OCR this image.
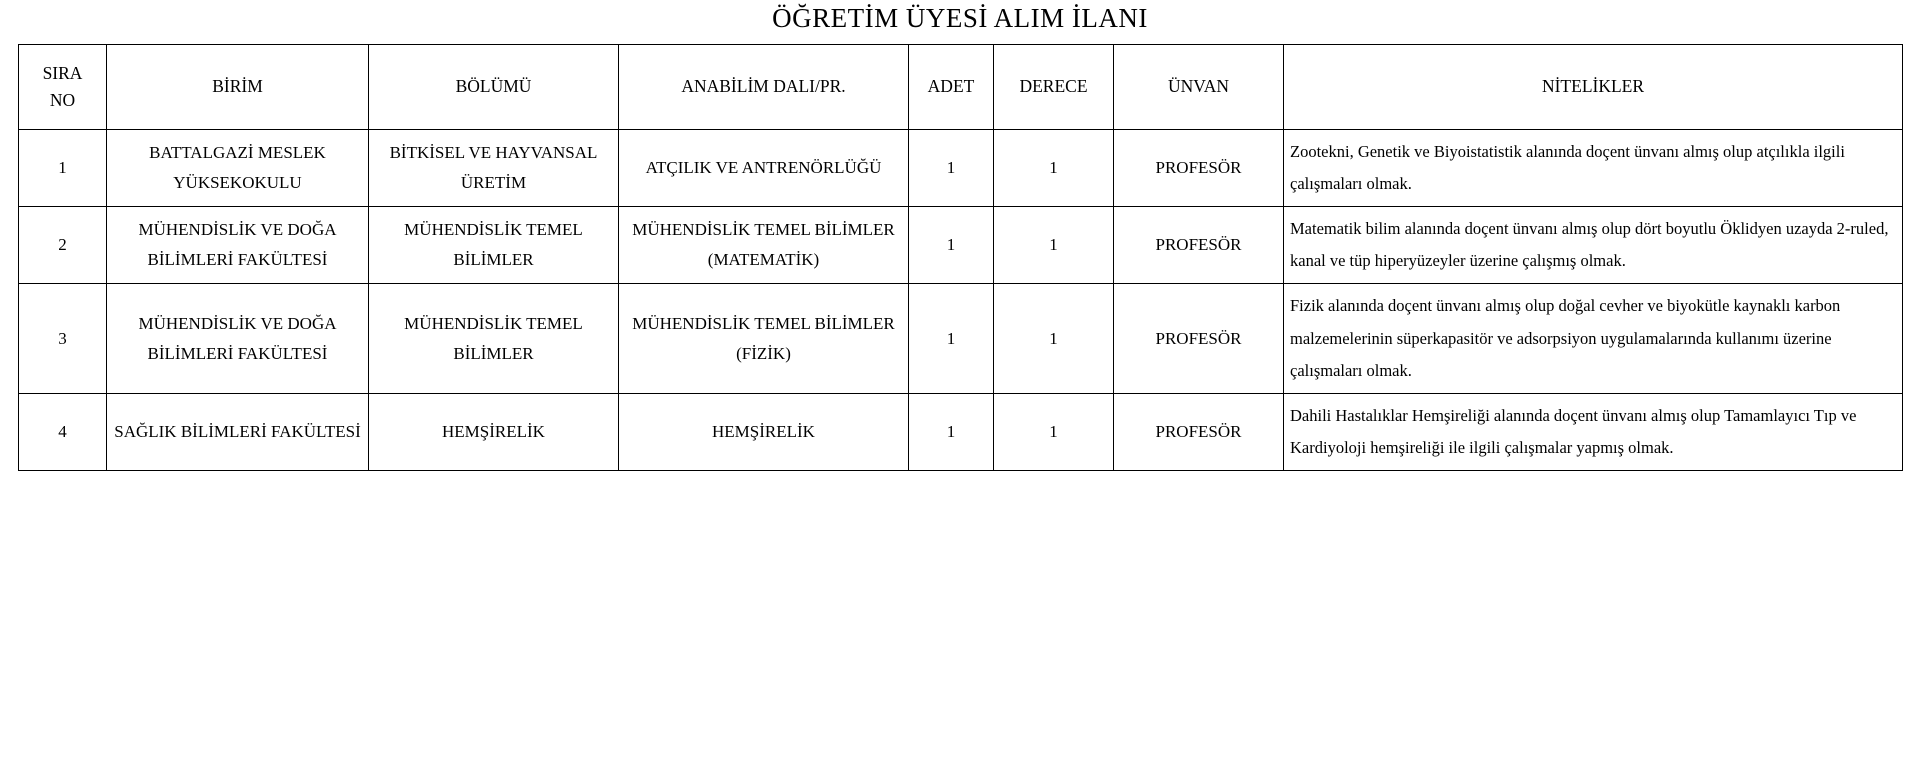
ÖĞRETİM ÜYESİ ALIM İLANI
SIRA
NO	BİRİM	BÖLÜMÜ	ANABİLİM DALI/PR.	ADET	DERECE	ÜNVAN	NİTELİKLER
1	BATTALGAZİ MESLEK YÜKSEKOKULU	BİTKİSEL VE HAYVANSAL ÜRETİM	ATÇILIK VE ANTRENÖRLÜĞÜ	1	1	PROFESÖR	Zootekni, Genetik ve Biyoistatistik alanında doçent ünvanı almış olup atçılıkla ilgili çalışmaları olmak.
2	MÜHENDİSLİK VE DOĞA BİLİMLERİ FAKÜLTESİ	MÜHENDİSLİK TEMEL BİLİMLER	MÜHENDİSLİK TEMEL BİLİMLER (MATEMATİK)	1	1	PROFESÖR	Matematik bilim alanında doçent ünvanı almış olup dört boyutlu Öklidyen uzayda 2-ruled, kanal ve tüp hiperyüzeyler üzerine çalışmış olmak.
3	MÜHENDİSLİK VE DOĞA BİLİMLERİ FAKÜLTESİ	MÜHENDİSLİK TEMEL BİLİMLER	MÜHENDİSLİK TEMEL BİLİMLER (FİZİK)	1	1	PROFESÖR	Fizik alanında doçent ünvanı almış olup doğal cevher ve biyokütle kaynaklı karbon malzemelerinin süperkapasitör ve adsorpsiyon uygulamalarında kullanımı üzerine çalışmaları olmak.
4	SAĞLIK BİLİMLERİ FAKÜLTESİ	HEMŞİRELİK	HEMŞİRELİK	1	1	PROFESÖR	Dahili Hastalıklar Hemşireliği alanında doçent ünvanı almış olup Tamamlayıcı Tıp ve Kardiyoloji hemşireliği ile ilgili çalışmalar yapmış olmak.
